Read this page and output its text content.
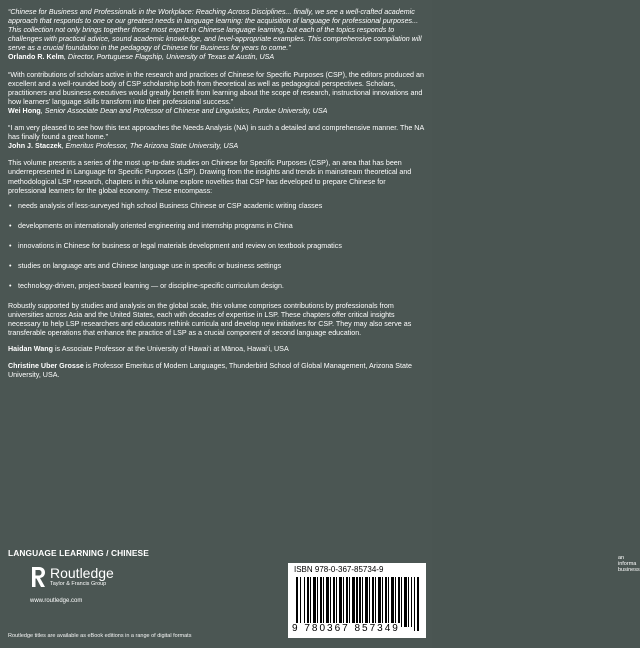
“Chinese for Business and Professionals in the Workplace: Reaching Across Disciplines... finally, we see a well-crafted academic approach that responds to one or our greatest needs in language learning: the acquisition of language for professional purposes... This collection not only brings together those most expert in Chinese language learning, but each of the topics responds to challenges with practical advice, sound academic knowledge, and level-appropriate examples. This comprehensive compilation will serve as a crucial foundation in the pedagogy of Chinese for Business for years to come.”
Orlando R. Kelm, Director, Portuguese Flagship, University of Texas at Austin, USA
“With contributions of scholars active in the research and practices of Chinese for Specific Purposes (CSP), the editors produced an excellent and a well-rounded body of CSP scholarship both from theoretical as well as pedagogical perspectives. Scholars, practitioners and business executives would greatly benefit from learning about the scope of research, instructional innovations and how learners’ language skills transform into their professional success.”
Wei Hong, Senior Associate Dean and Professor of Chinese and Linguistics, Purdue University, USA
“I am very pleased to see how this text approaches the Needs Analysis (NA) in such a detailed and comprehensive manner. The NA has finally found a great home.”
John J. Staczek, Emeritus Professor, The Arizona State University, USA

This volume presents a series of the most up-to-date studies on Chinese for Specific Purposes (CSP), an area that has been underrepresented in Language for Specific Purposes (LSP). Drawing from the insights and trends in mainstream theoretical and methodological LSP research, chapters in this volume explore novelties that CSP has developed to prepare Chinese for professional learners for the global economy. These encompass:

• needs analysis of less-surveyed high school Business Chinese or CSP academic writing classes
• developments on internationally oriented engineering and internship programs in China
• innovations in Chinese for business or legal materials development and review on textbook pragmatics
• studies on language arts and Chinese language use in specific or business settings
• technology-driven, project-based learning — or discipline-specific curriculum design.

Robustly supported by studies and analysis on the global scale, this volume comprises contributions by professionals from universities across Asia and the United States, each with decades of expertise in LSP. These chapters offer critical insights necessary to help LSP researchers and educators rethink curricula and develop new initiatives for CSP. They may also serve as transferable operations that enhance the practice of LSP as a crucial component of second language education.

Haidan Wang is Associate Professor at the University of Hawai‘i at Mānoa, Hawai‘i, USA
Christine Uber Grosse is Professor Emeritus of Modern Languages, Thunderbird School of Global Management, Arizona State University, USA.
LANGUAGE LEARNING / CHINESE
Routledge
Taylor & Francis Group
www.routledge.com
an informa business
ISBN 978-0-367-85734-9
9 780367 857349
Routledge titles are available as eBook editions in a range of digital formats
